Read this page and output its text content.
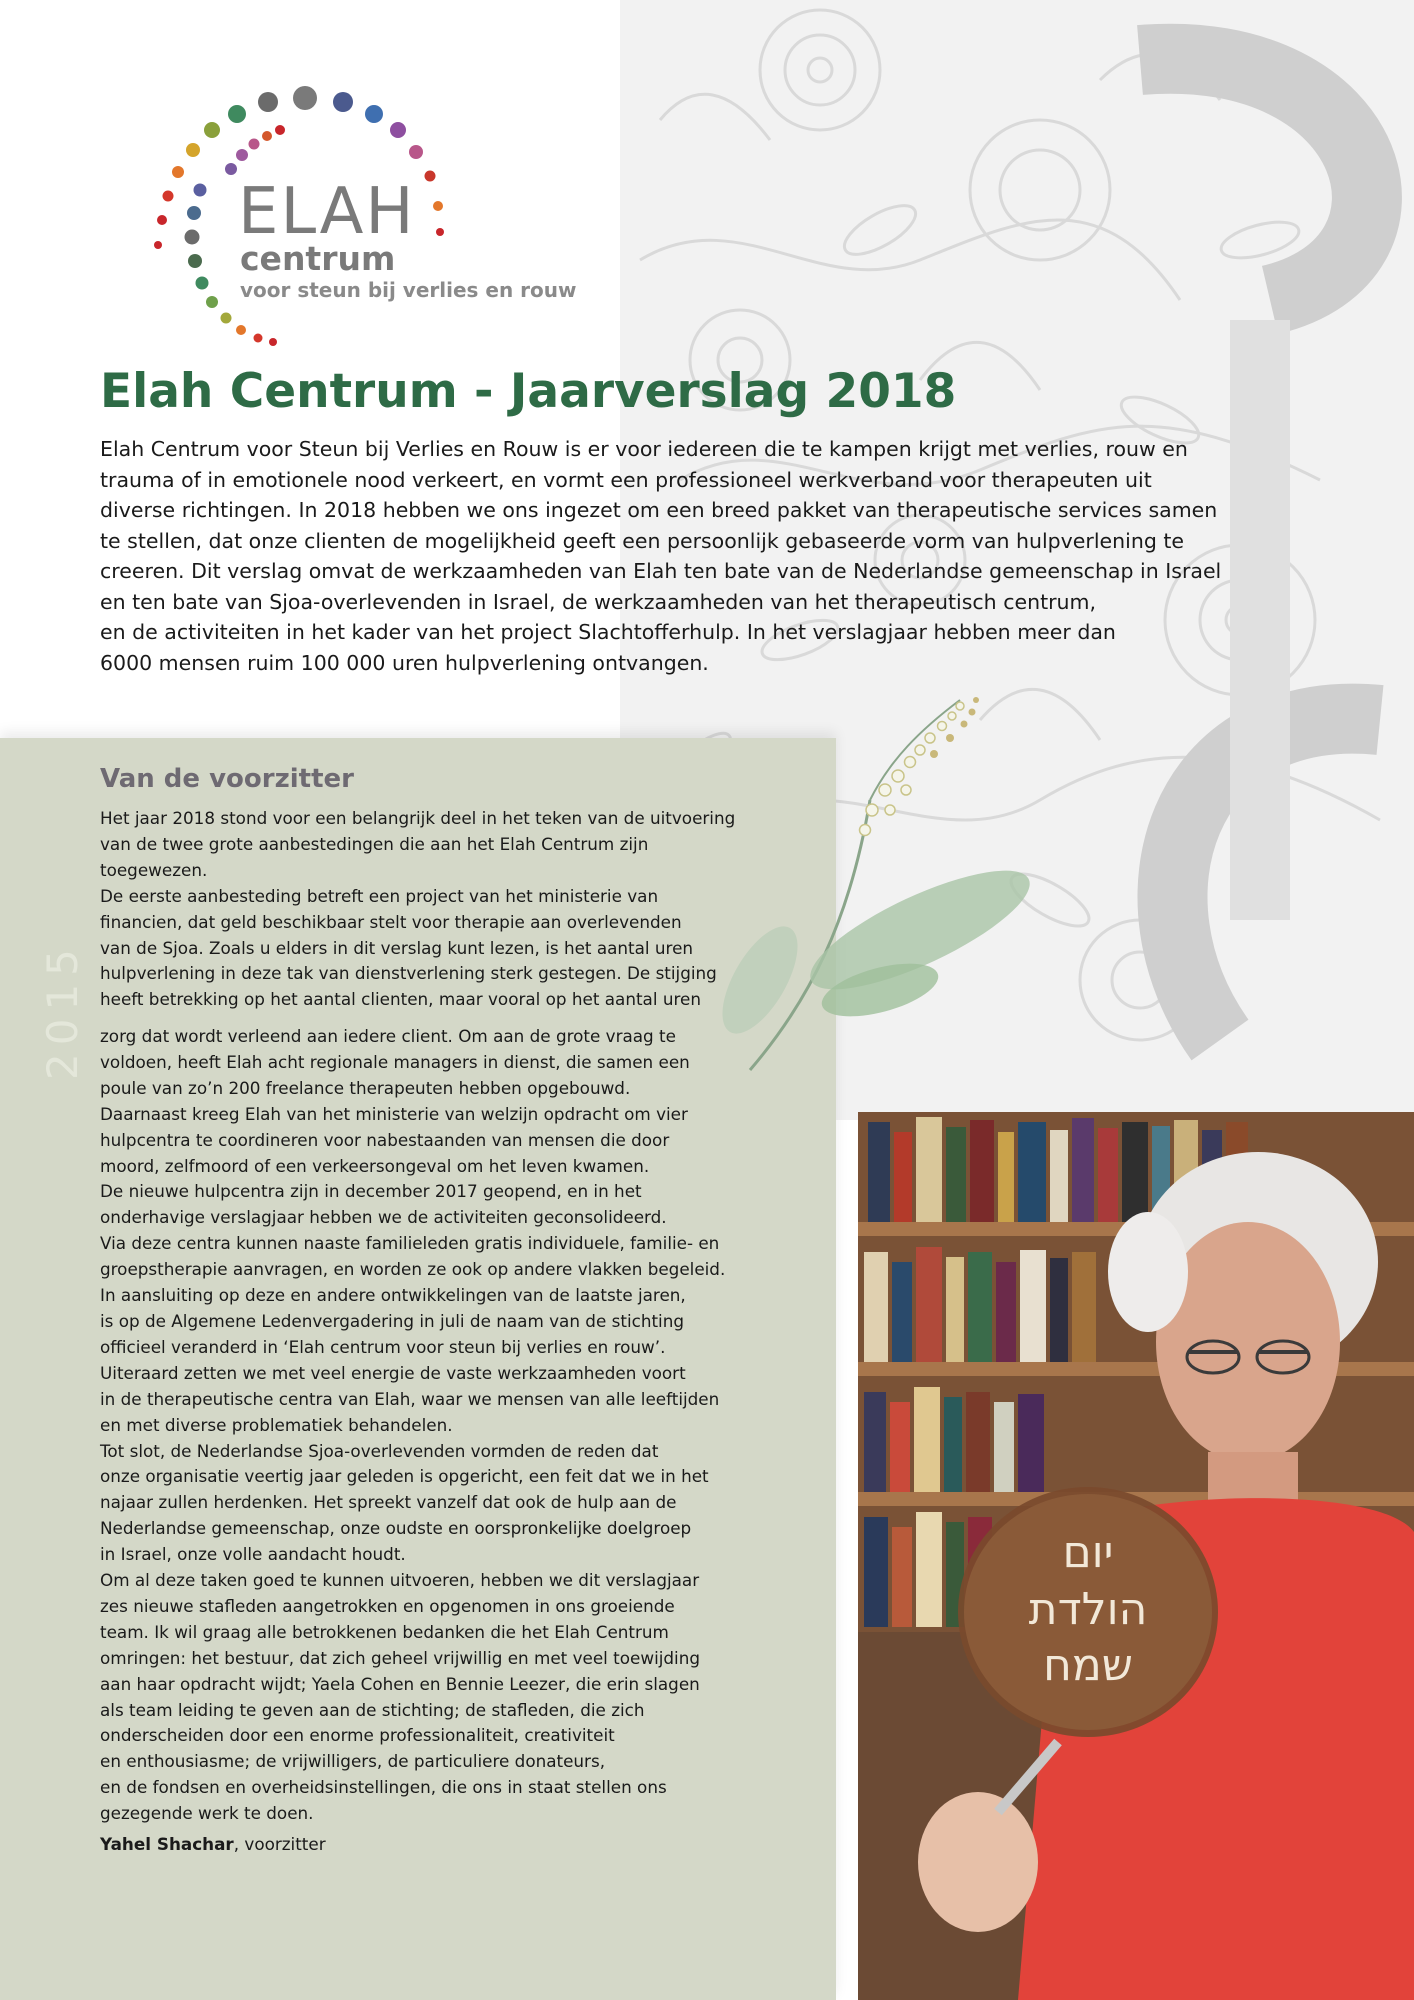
ELAH
centrum
voor steun bij verlies en rouw
Elah Centrum - Jaarverslag 2018
Elah Centrum voor Steun bij Verlies en Rouw is er voor iedereen die te kampen krijgt met verlies, rouw en
trauma of in emotionele nood verkeert, en vormt een professioneel werkverband voor therapeuten uit
diverse richtingen. In 2018 hebben we ons ingezet om een breed pakket van therapeutische services samen
te stellen, dat onze clienten de mogelijkheid geeft een persoonlijk gebaseerde vorm van hulpverlening te
creeren. Dit verslag omvat de werkzaamheden van Elah ten bate van de Nederlandse gemeenschap in Israel
en ten bate van Sjoa-overlevenden in Israel, de werkzaamheden van het therapeutisch centrum,
en de activiteiten in het kader van het project Slachtofferhulp. In het verslagjaar hebben meer dan
6000 mensen ruim 100 000 uren hulpverlening ontvangen.
2015
Van de voorzitter
Het jaar 2018 stond voor een belangrijk deel in het teken van de uitvoering
van de twee grote aanbestedingen die aan het Elah Centrum zijn
toegewezen.
De eerste aanbesteding betreft een project van het ministerie van
financien, dat geld beschikbaar stelt voor therapie aan overlevenden
van de Sjoa. Zoals u elders in dit verslag kunt lezen, is het aantal uren
hulpverlening in deze tak van dienstverlening sterk gestegen. De stijging
heeft betrekking op het aantal clienten, maar vooral op het aantal uren
zorg dat wordt verleend aan iedere client. Om aan de grote vraag te
voldoen, heeft Elah acht regionale managers in dienst, die samen een
poule van zo’n 200 freelance therapeuten hebben opgebouwd.
Daarnaast kreeg Elah van het ministerie van welzijn opdracht om vier
hulpcentra te coordineren voor nabestaanden van mensen die door
moord, zelfmoord of een verkeersongeval om het leven kwamen.
De nieuwe hulpcentra zijn in december 2017 geopend, en in het
onderhavige verslagjaar hebben we de activiteiten geconsolideerd.
Via deze centra kunnen naaste familieleden gratis individuele, familie- en
groepstherapie aanvragen, en worden ze ook op andere vlakken begeleid.
In aansluiting op deze en andere ontwikkelingen van de laatste jaren,
is op de Algemene Ledenvergadering in juli de naam van de stichting
officieel veranderd in ‘Elah centrum voor steun bij verlies en rouw’.
Uiteraard zetten we met veel energie de vaste werkzaamheden voort
in de therapeutische centra van Elah, waar we mensen van alle leeftijden
en met diverse problematiek behandelen.
Tot slot, de Nederlandse Sjoa-overlevenden vormden de reden dat
onze organisatie veertig jaar geleden is opgericht, een feit dat we in het
najaar zullen herdenken. Het spreekt vanzelf dat ook de hulp aan de
Nederlandse gemeenschap, onze oudste en oorspronkelijke doelgroep
in Israel, onze volle aandacht houdt.
Om al deze taken goed te kunnen uitvoeren, hebben we dit verslagjaar
zes nieuwe stafleden aangetrokken en opgenomen in ons groeiende
team. Ik wil graag alle betrokkenen bedanken die het Elah Centrum
omringen: het bestuur, dat zich geheel vrijwillig en met veel toewijding
aan haar opdracht wijdt; Yaela Cohen en Bennie Leezer, die erin slagen
als team leiding te geven aan de stichting; de stafleden, die zich
onderscheiden door een enorme professionaliteit, creativiteit
en enthousiasme; de vrijwilligers, de particuliere donateurs,
en de fondsen en overheidsinstellingen, die ons in staat stellen ons
gezegende werk te doen.

Yahel Shachar, voorzitter

יום
הולדת
שמח
